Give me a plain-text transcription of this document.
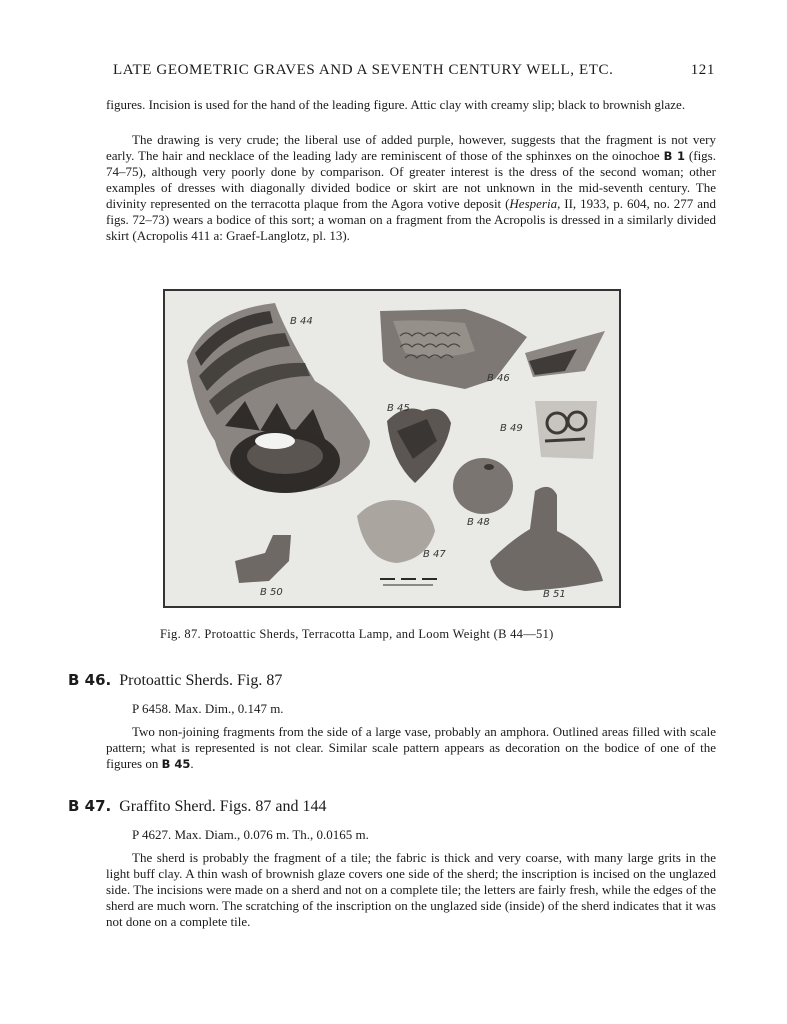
LATE GEOMETRIC GRAVES AND A SEVENTH CENTURY WELL, ETC.	121

figures. Incision is used for the hand of the leading figure. Attic clay with creamy slip; black to brownish glaze.

The drawing is very crude; the liberal use of added purple, however, suggests that the fragment is not very early. The hair and necklace of the leading lady are reminiscent of those of the sphinxes on the oinochoe B 1 (figs. 74–75), although very poorly done by comparison. Of greater interest is the dress of the second woman; other examples of dresses with diagonally divided bodice or skirt are not unknown in the mid-seventh century. The divinity represented on the terracotta plaque from the Agora votive deposit (Hesperia, II, 1933, p. 604, no. 277 and figs. 72–73) wears a bodice of this sort; a woman on a fragment from the Acropolis is dressed in a similarly divided skirt (Acropolis 411 a: Graef-Langlotz, pl. 13).

B 44
B 46
B 45
B 49
B 48
B 47
B 50	B 51
Fig. 87. Protoattic Sherds, Terracotta Lamp, and Loom Weight (B 44—51)
B 46. Protoattic Sherds. Fig. 87
P 6458. Max. Dim., 0.147 m.

Two non-joining fragments from the side of a large vase, probably an amphora. Outlined areas filled with scale pattern; what is represented is not clear. Similar scale pattern appears as decoration on the bodice of one of the figures on B 45.

B 47. Graffito Sherd. Figs. 87 and 144
P 4627. Max. Diam., 0.076 m. Th., 0.0165 m.

The sherd is probably the fragment of a tile; the fabric is thick and very coarse, with many large grits in the light buff clay. A thin wash of brownish glaze covers one side of the sherd; the inscription is incised on the unglazed side. The incisions were made on a sherd and not on a complete tile; the letters are fairly fresh, while the edges of the sherd are much worn. The scratching of the inscription on the unglazed side (inside) of the sherd indicates that it was not done on a complete tile.
